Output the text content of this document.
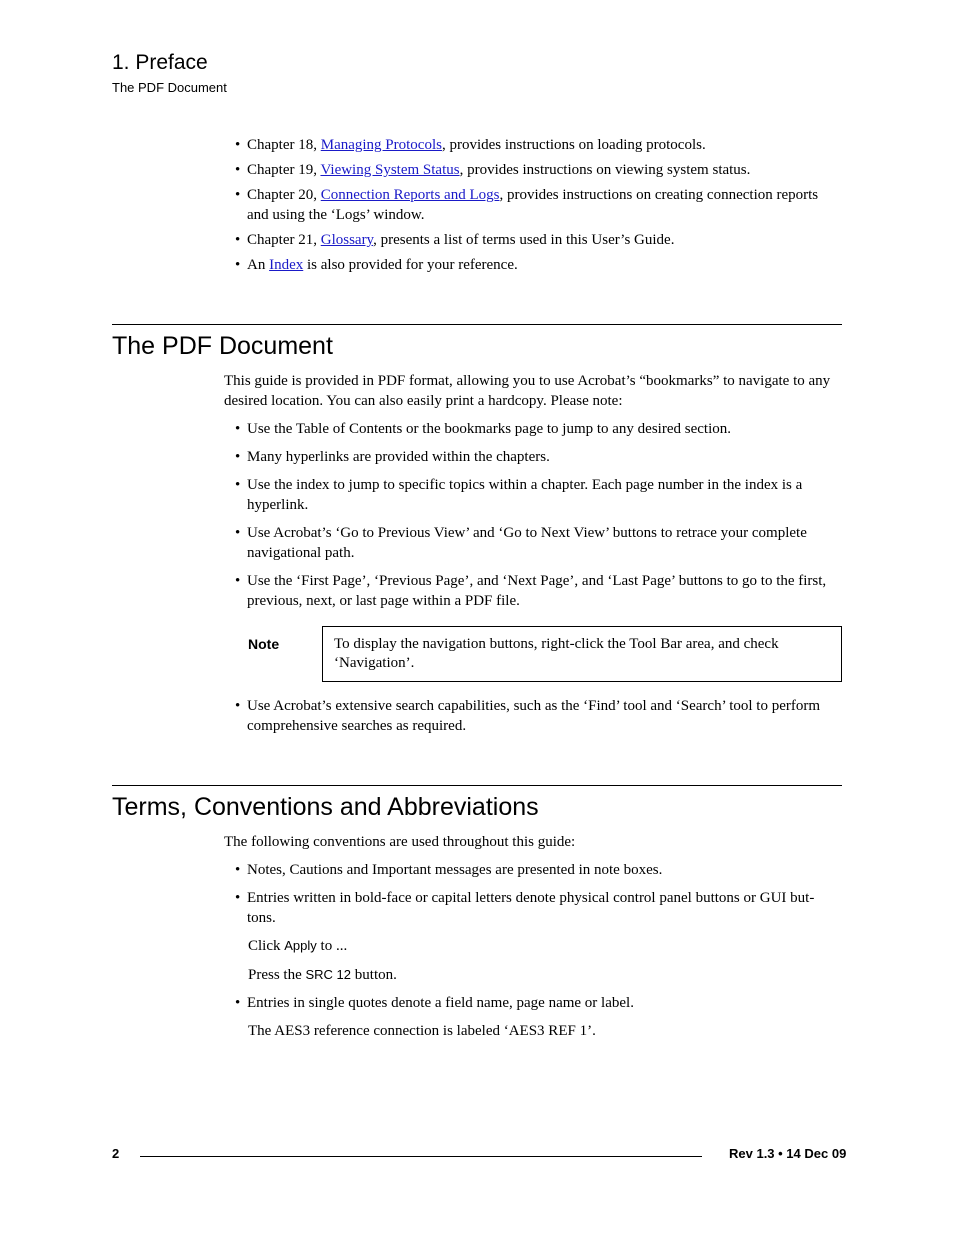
1. Preface
The PDF Document
• Chapter 18, Managing Protocols, provides instructions on loading protocols.
• Chapter 19, Viewing System Status, provides instructions on viewing system status.
• Chapter 20, Connection Reports and Logs, provides instructions on creating connection reports and using the ‘Logs’ window.
• Chapter 21, Glossary, presents a list of terms used in this User’s Guide.
• An Index is also provided for your reference.
The PDF Document

This guide is provided in PDF format, allowing you to use Acrobat’s “bookmarks” to navigate to any desired location. You can also easily print a hardcopy. Please note:

• Use the Table of Contents or the bookmarks page to jump to any desired section.
• Many hyperlinks are provided within the chapters.
• Use the index to jump to specific topics within a chapter. Each page number in the index is a hyperlink.
• Use Acrobat’s ‘Go to Previous View’ and ‘Go to Next View’ buttons to retrace your complete navigational path.
• Use the ‘First Page’, ‘Previous Page’, and ‘Next Page’, and ‘Last Page’ buttons to go to the first, previous, next, or last page within a PDF file.
Note	To display the navigation buttons, right-click the Tool Bar area, and check ‘Navigation’.
• Use Acrobat’s extensive search capabilities, such as the ‘Find’ tool and ‘Search’ tool to perform comprehensive searches as required.
Terms, Conventions and Abbreviations

The following conventions are used throughout this guide:

• Notes, Cautions and Important messages are presented in note boxes.
• Entries written in bold-face or capital letters denote physical control panel buttons or GUI but-tons.
Click Apply to ...
Press the SRC 12 button.
• Entries in single quotes denote a field name, page name or label.
The AES3 reference connection is labeled ‘AES3 REF 1’.
2	Rev 1.3 • 14 Dec 09
